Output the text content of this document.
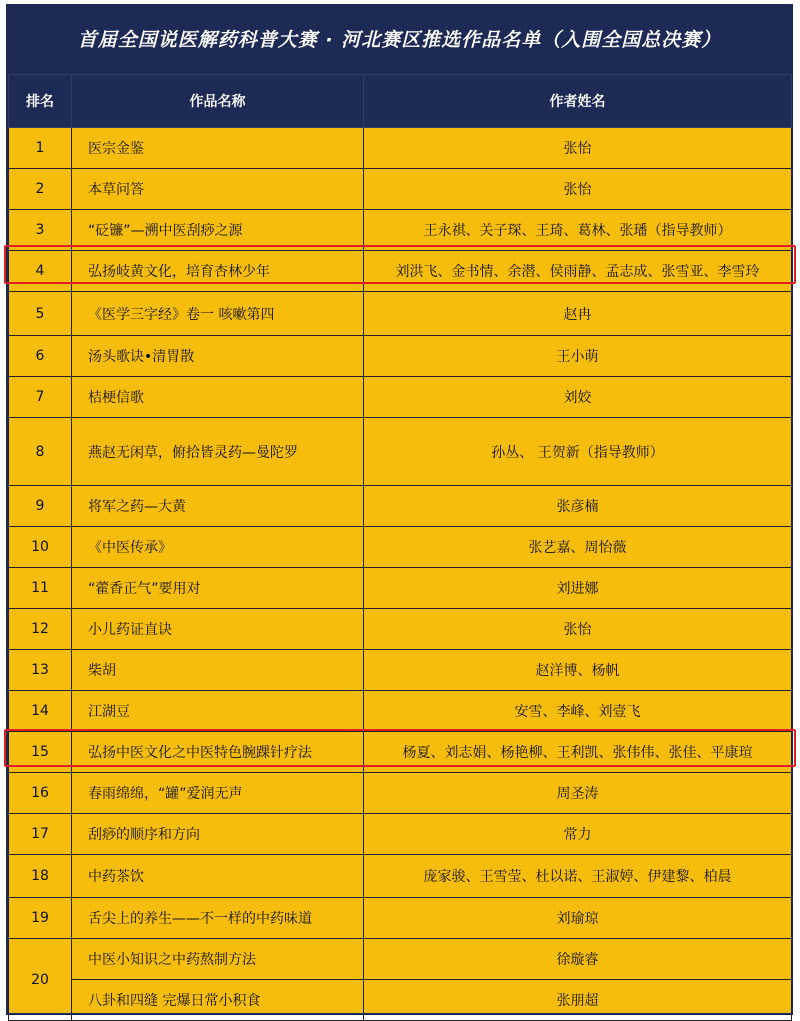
首届全国说医解药科普大赛 · 河北赛区推选作品名单（入围全国总决赛）
排名	作品名称	作者姓名
1	医宗金鉴	张怡
2	本草问答	张怡
3	“砭镰”—溯中医刮痧之源	王永祺、关子琛、王琦、葛林、张璠（指导教师）
4	弘扬岐黄文化，培育杏林少年	刘洪飞、金书情、余潜、侯雨静、孟志成、张雪亚、李雪玲
5	《医学三字经》卷一 咳嗽第四	赵冉
6	汤头歌诀•清胃散	王小萌
7	桔梗信歌	刘姣
8	燕赵无闲草，俯拾皆灵药—曼陀罗	孙丛、 王贺新（指导教师）
9	将军之药—大黄	张彦楠
10	《中医传承》	张艺嘉、周怡薇
11	“藿香正气”要用对	刘进娜
12	小儿药证直诀	张怡
13	柴胡	赵洋博、杨帆
14	江湖豆	安雪、李峰、刘壹飞
15	弘扬中医文化之中医特色腕踝针疗法	杨夏、刘志娟、杨艳柳、王利凯、张伟伟、张佳、平康瑄
16	春雨绵绵，“罐”爱润无声	周圣涛
17	刮痧的顺序和方向	常力
18	中药茶饮	庞家骏、王雪莹、杜以诺、王淑婷、伊建黎、柏晨
19	舌尖上的养生——不一样的中药味道	刘瑜琼
20	中医小知识之中药熬制方法	徐璇睿
	八卦和四缝 完爆日常小积食	张朋超
